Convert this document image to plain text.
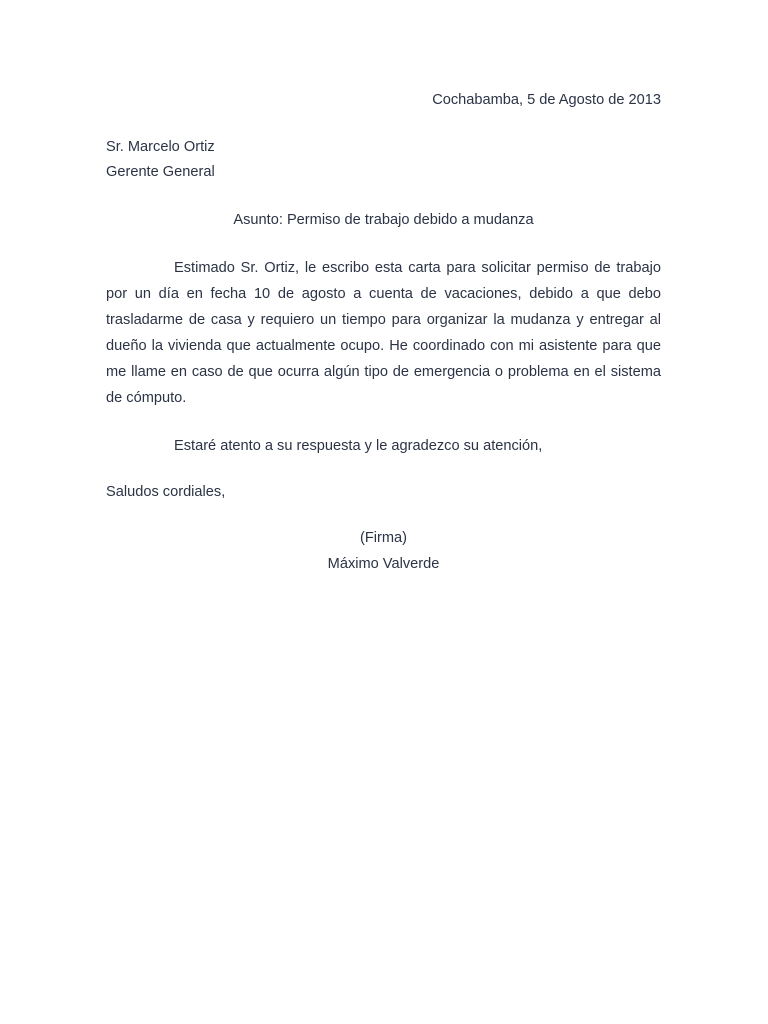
Cochabamba, 5 de Agosto de 2013
Sr. Marcelo Ortiz
Gerente General
Asunto: Permiso de trabajo debido a mudanza
Estimado Sr. Ortiz, le escribo esta carta para solicitar permiso de trabajo
por un día en fecha 10 de agosto a cuenta de vacaciones, debido a que debo
trasladarme de casa y requiero un tiempo para organizar la mudanza y entregar al
dueño la vivienda que actualmente ocupo. He coordinado con mi asistente para que
me llame en caso de que ocurra algún tipo de emergencia o problema en el sistema
de cómputo.
Estaré atento a su respuesta y le agradezco su atención,
Saludos cordiales,
(Firma)
Máximo Valverde
